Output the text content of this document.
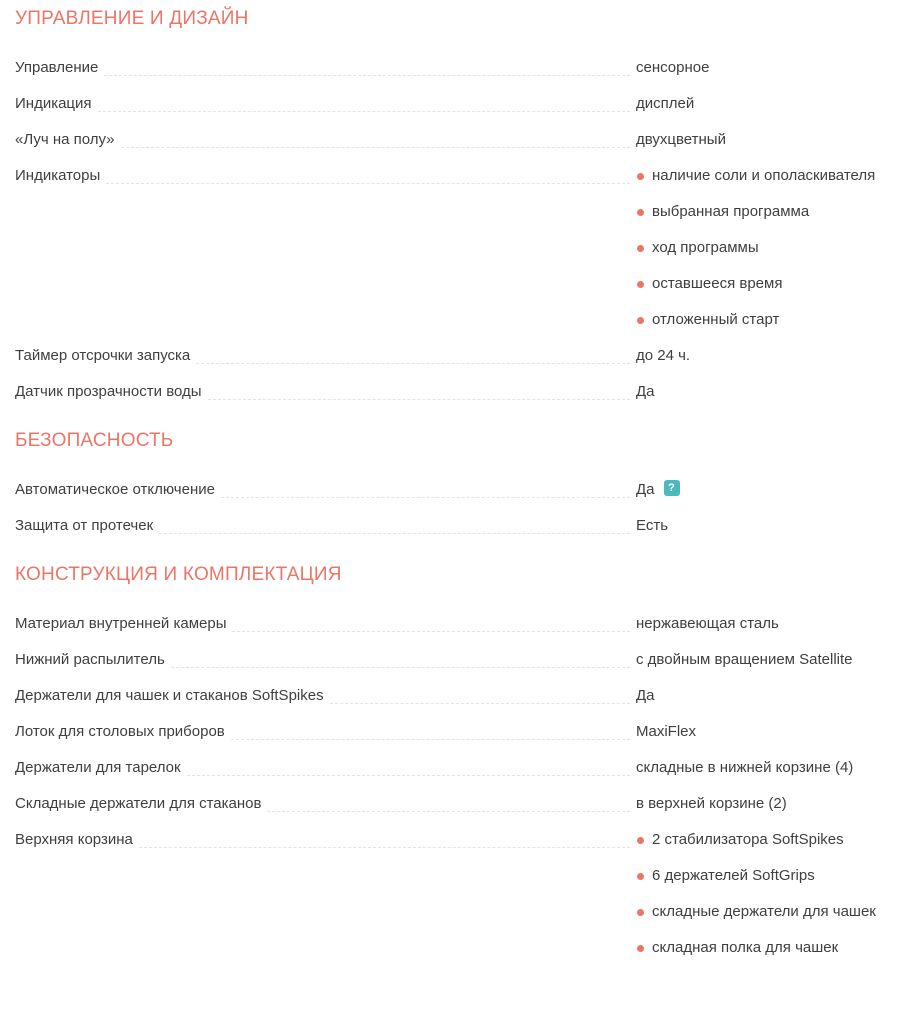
УПРАВЛЕНИЕ И ДИЗАЙН
Управление	сенсорное
Индикация	дисплей
«Луч на полу»	двухцветный
Индикаторы	наличие соли и ополаскивателя
выбранная программа
ход программы
оставшееся время
отложенный старт
Таймер отсрочки запуска	до 24 ч.
Датчик прозрачности воды	Да
БЕЗОПАСНОСТЬ
Автоматическое отключение	Да	?
Защита от протечек	Есть
КОНСТРУКЦИЯ И КОМПЛЕКТАЦИЯ
Материал внутренней камеры	нержавеющая сталь
Нижний распылитель	с двойным вращением Satellite
Держатели для чашек и стаканов SoftSpikes	Да
Лоток для столовых приборов	MaxiFlex
Держатели для тарелок	складные в нижней корзине (4)
Складные держатели для стаканов	в верхней корзине (2)
Верхняя корзина	2 стабилизатора SoftSpikes
6 держателей SoftGrips
складные держатели для чашек
складная полка для чашек
